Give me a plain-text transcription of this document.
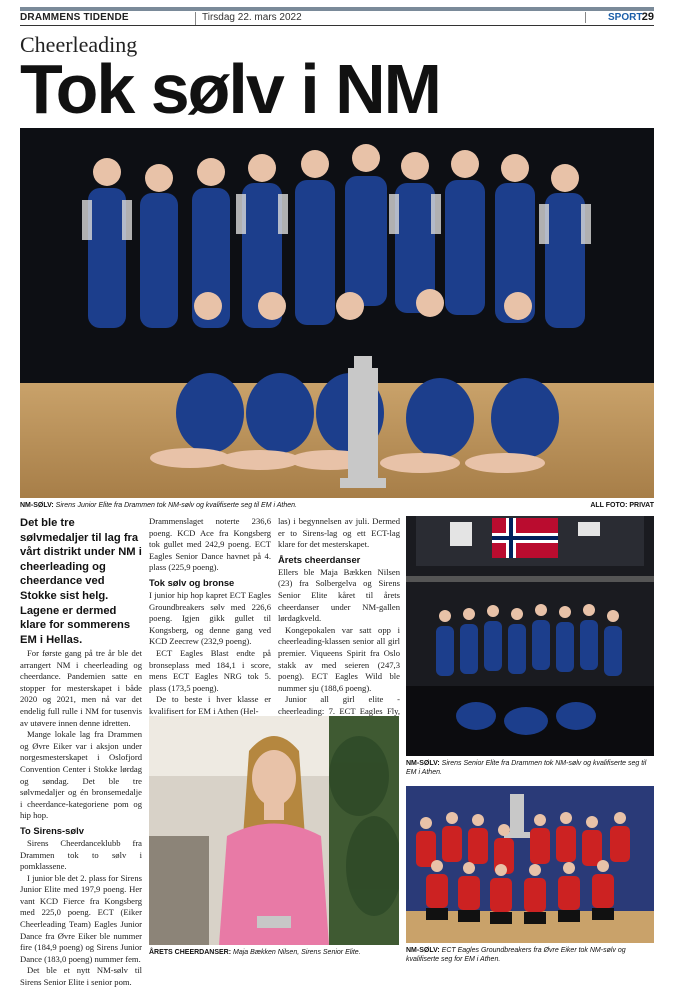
DRAMMENS TIDENDE	Tirsdag 22. mars 2022	SPORT 29
Cheerleading
Tok sølv i NM
NM-SØLV: Sirens Junior Elite fra Drammen tok NM-sølv og kvalifiserte seg til EM i Athen.	ALL FOTO: PRIVAT
Det ble tre sølvmedaljer til lag fra vårt distrikt under NM i cheerleading og cheerdance ved Stokke sist helg. Lagene er dermed klare for sommerens EM i Hellas.

For første gang på tre år ble det arrangert NM i cheerleading og cheerdance. Pandemien satte en stopper for mesterskapet i både 2020 og 2021, men nå var det endelig full rulle i NM for tusenvis av utøvere innen denne idretten.

Mange lokale lag fra Drammen og Øvre Eiker var i aksjon under norgesmesterskapet i Oslofjord Convention Center i Stokke lørdag og søndag. Det ble tre sølvmedaljer og én bronsemedalje i cheerdance-kategoriene pom og hip hop.

To Sirens-sølv

Sirens Cheerdanceklubb fra Drammen tok to sølv i pomklassene.

I junior ble det 2. plass for Sirens Junior Elite med 197,9 poeng. Her vant KCD Fierce fra Kongsberg med 225,0 poeng. ECT (Eiker Cheerleading Team) Eagles Junior Dance fra Øvre Eiker ble nummer fire (184,9 poeng) og Sirens Junior Dance (183,0 poeng) nummer fem.

Det ble et nytt NM-sølv til Sirens Senior Elite i senior pom.

Drammenslaget noterte 236,6 poeng. KCD Ace fra Kongsberg tok gullet med 242,9 poeng. ECT Eagles Senior Dance havnet på 4. plass (225,9 poeng).

Tok sølv og bronse

I junior hip hop kapret ECT Eagles Groundbreakers sølv med 226,6 poeng. Igjen gikk gullet til Kongsberg, og denne gang ved KCD Zeecrew (232,9 poeng).

ECT Eagles Blast endte på bronseplass med 184,1 i score, mens ECT Eagles NRG tok 5. plass (173,5 poeng).

De to beste i hver klasse er kvalifisert for EM i Athen (Hel-

las) i begynnelsen av juli. Dermed er to Sirens-lag og ett ECT-lag klare for det mesterskapet.

Årets cheerdanser

Ellers ble Maja Bækken Nilsen (23) fra Solbergelva og Sirens Senior Elite kåret til årets cheerdanser under NM-gallen lørdagkveld.

Kongepokalen var satt opp i cheerleading-klassen senior all girl premier. Viqueens Spirit fra Oslo stakk av med seieren (247,3 poeng). ECT Eagles Wild ble nummer sju (188,6 poeng).

Junior all girl elite - cheerleading: 7. ECT Eagles Fly,

ÅRETS CHEERDANSER: Maja Bækken Nilsen, Sirens Senior Elite.
NM-SØLV: Sirens Senior Elite fra Drammen tok NM-sølv og kvalifiserte seg til EM i Athen.
NM-SØLV: ECT Eagles Groundbreakers fra Øvre Eiker tok NM-sølv og kvalifiserte seg for EM i Athen.
